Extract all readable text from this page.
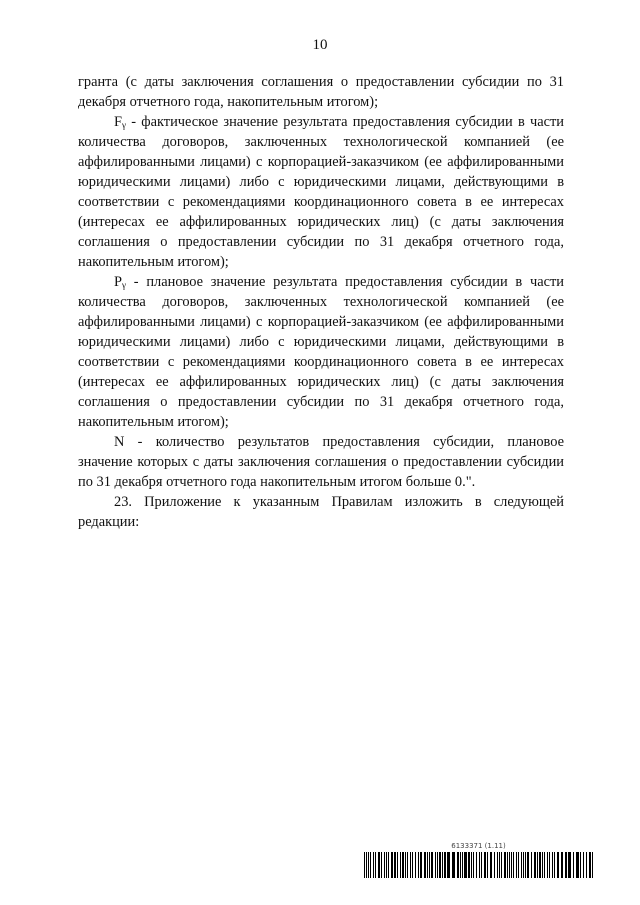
10

гранта (с даты заключения соглашения о предоставлении субсидии по 31 декабря отчетного года, накопительным итогом);

$F_\gamma$ - фактическое значение результата предоставления субсидии в части количества договоров, заключенных технологической компанией (ее аффилированными лицами) с корпорацией-заказчиком (ее аффилированными юридическими лицами) либо с юридическими лицами, действующими в соответствии с рекомендациями координационного совета в ее интересах (интересах ее аффилированных юридических лиц) (с даты заключения соглашения о предоставлении субсидии по 31 декабря отчетного года, накопительным итогом);

$P_\gamma$ - плановое значение результата предоставления субсидии в части количества договоров, заключенных технологической компанией (ее аффилированными лицами) с корпорацией-заказчиком (ее аффилированными юридическими лицами) либо с юридическими лицами, действующими в соответствии с рекомендациями координационного совета в ее интересах (интересах ее аффилированных юридических лиц) (с даты заключения соглашения о предоставлении субсидии по 31 декабря отчетного года, накопительным итогом);

N - количество результатов предоставления субсидии, плановое значение которых с даты заключения соглашения о предоставлении субсидии по 31 декабря отчетного года накопительным итогом больше 0.".

23. Приложение к указанным Правилам изложить в следующей редакции:

6133371 (1.11)
